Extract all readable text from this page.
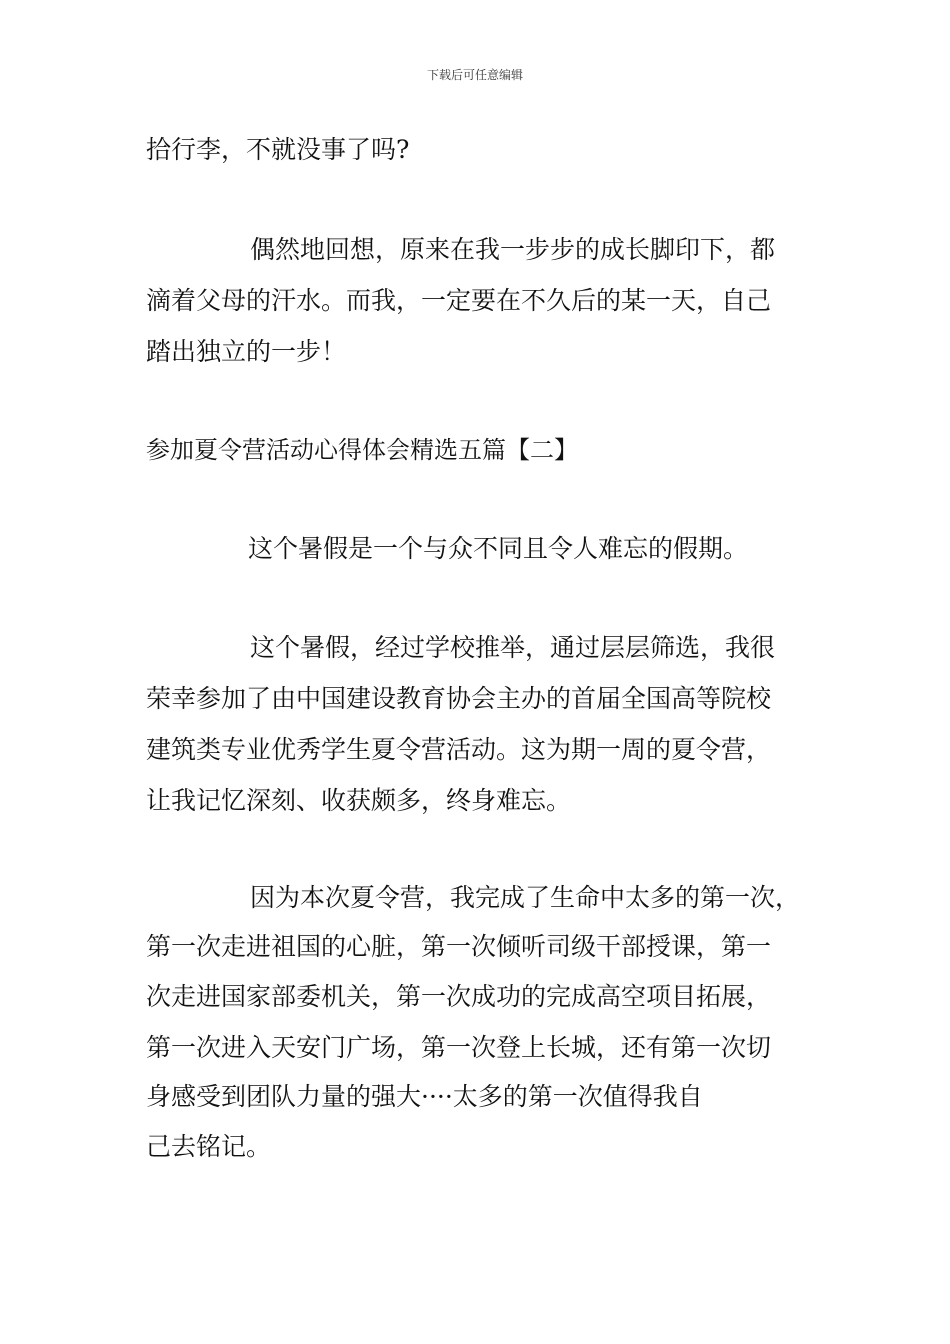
下载后可任意编辑
拾行李，不就没事了吗?
偶然地回想，原来在我一步步的成长脚印下，都
滴着父母的汗水。而我，一定要在不久后的某一天，自己
踏出独立的一步！
参加夏令营活动心得体会精选五篇【二】
这个暑假是一个与众不同且令人难忘的假期。
这个暑假，经过学校推举，通过层层筛选，我很
荣幸参加了由中国建设教育协会主办的首届全国高等院校
建筑类专业优秀学生夏令营活动。这为期一周的夏令营，
让我记忆深刻、收获颇多，终身难忘。
因为本次夏令营，我完成了生命中太多的第一次，
第一次走进祖国的心脏，第一次倾听司级干部授课，第一
次走进国家部委机关，第一次成功的完成高空项目拓展，
第一次进入天安门广场，第一次登上长城，还有第一次切
身感受到团队力量的强大····太多的第一次值得我自
己去铭记。
